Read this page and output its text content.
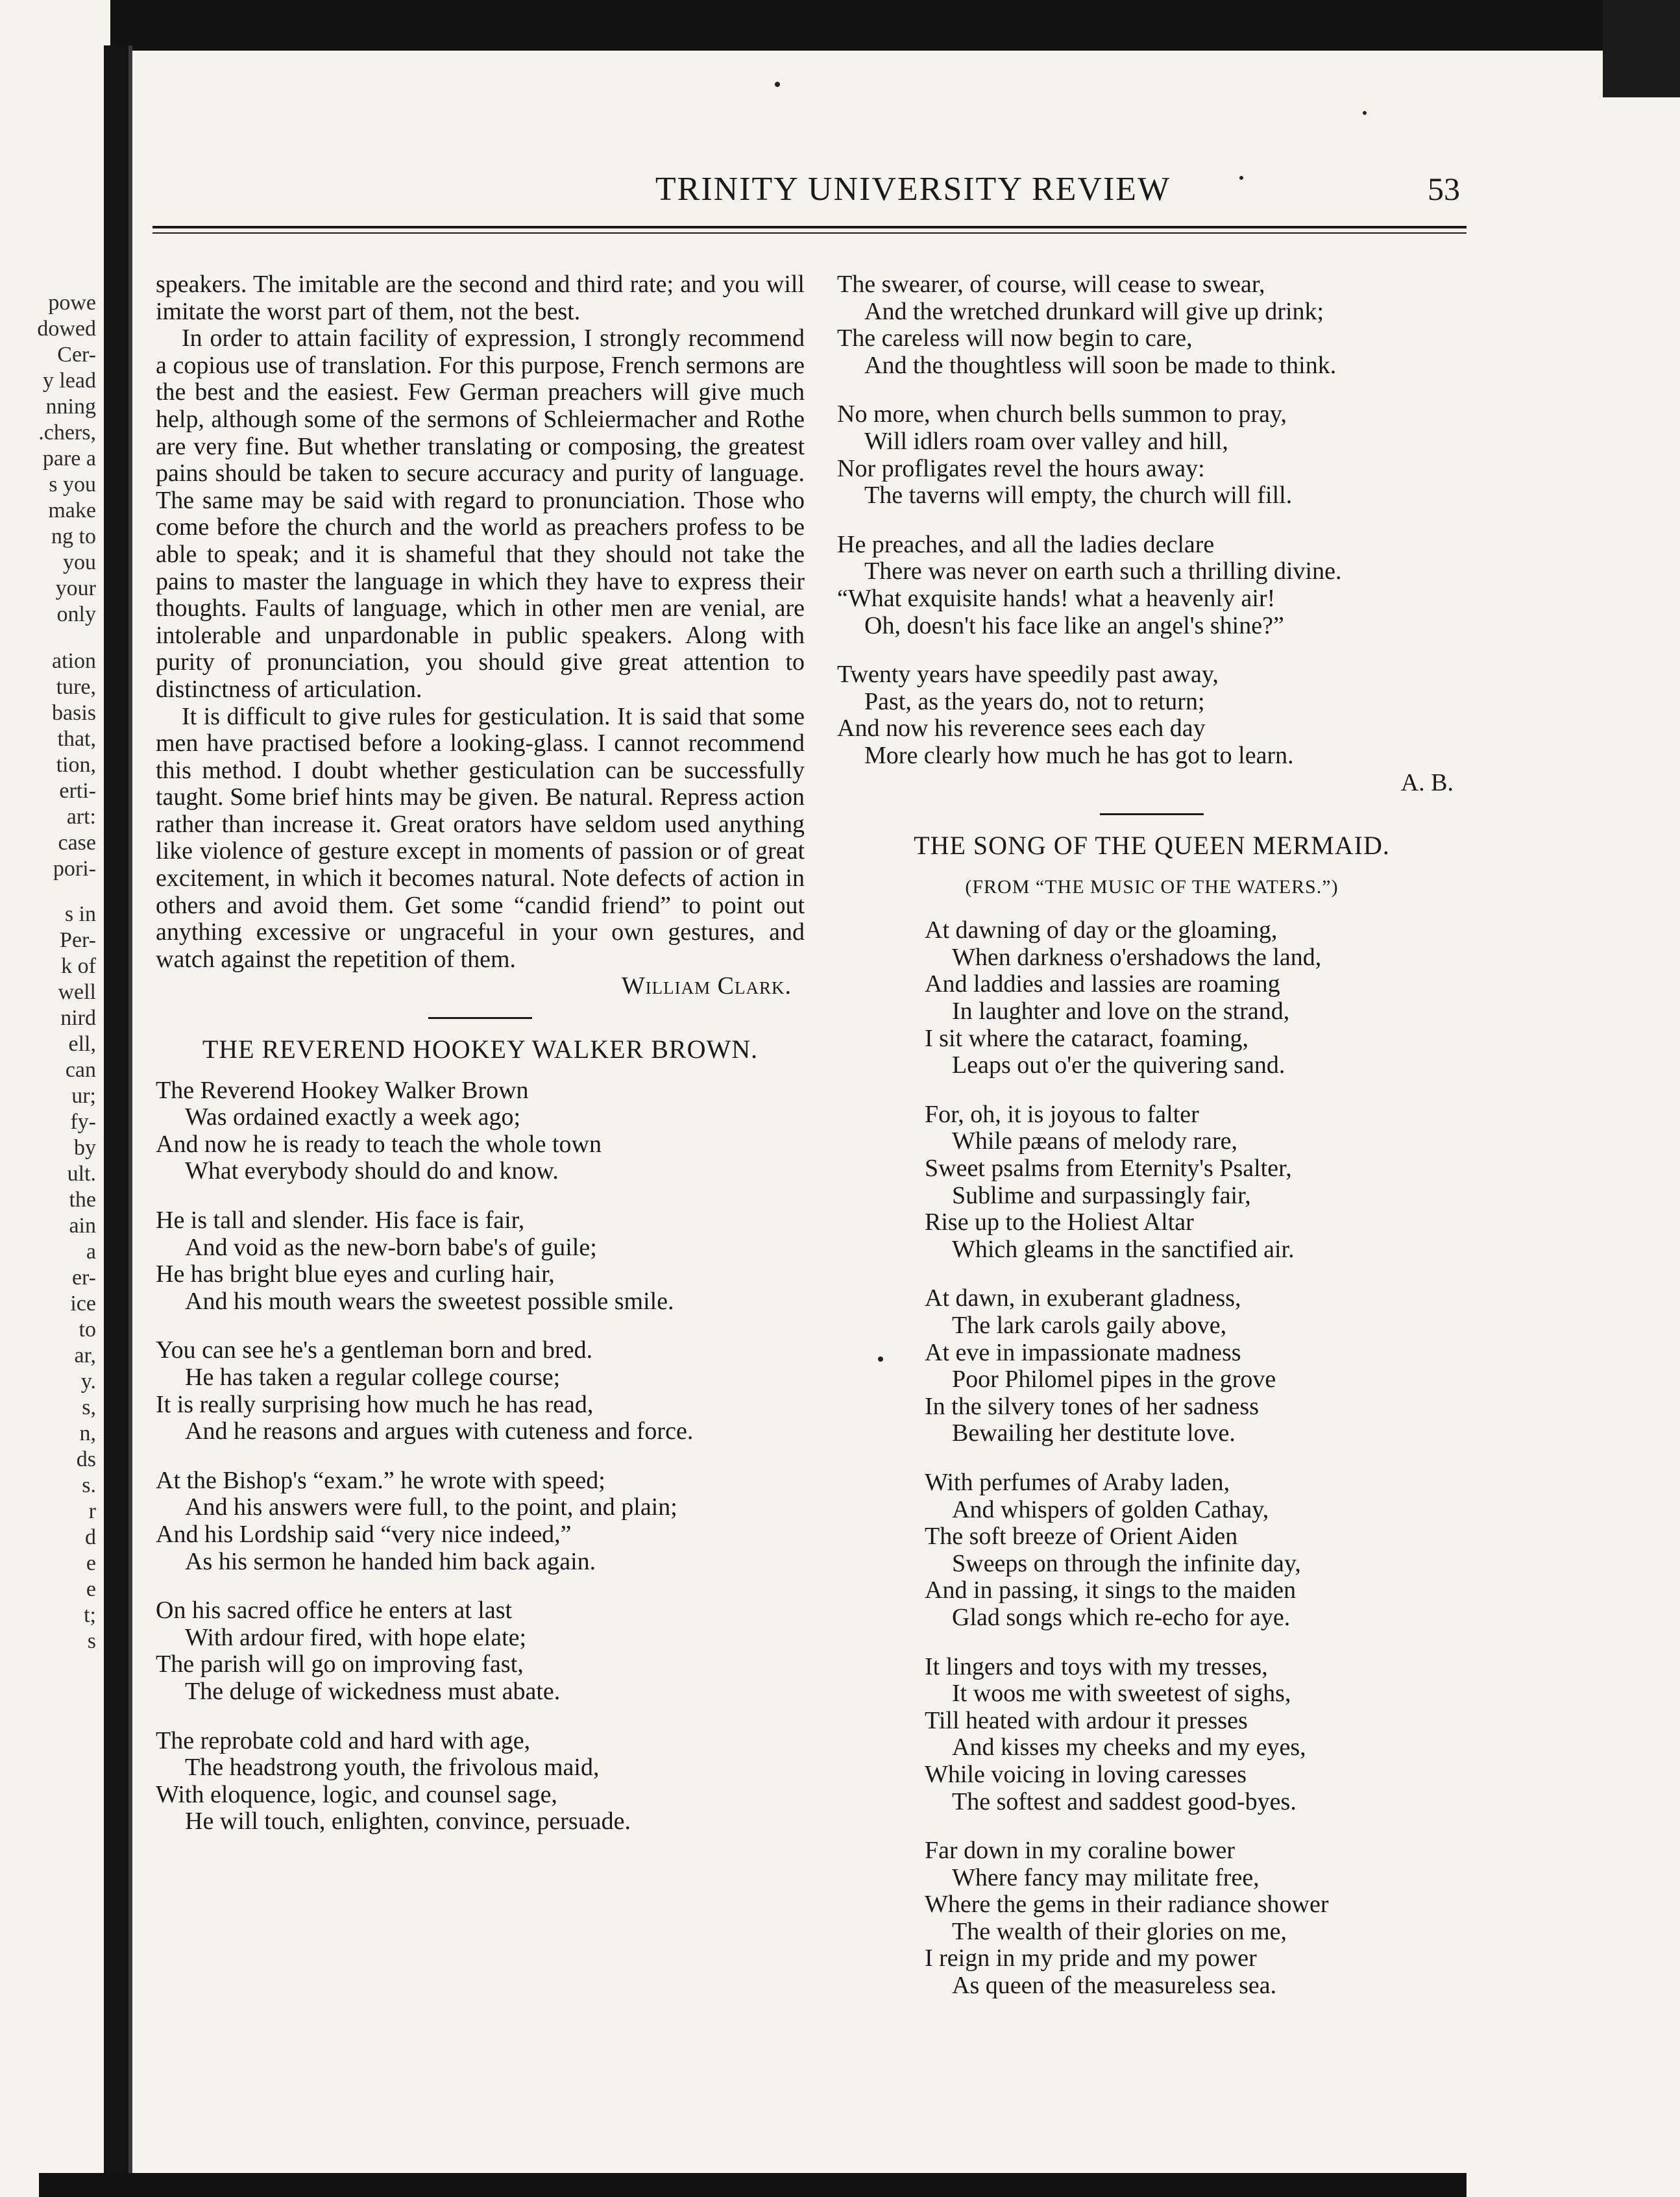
powe
dowed
Cer-
y lead
nning
.chers,
pare a
s you
make
ng to
you
your
only
ation
ture,
basis
that,
tion,
erti-
art:
case
pori-
s in
Per-
k of
well
nird
ell,
can
ur;
fy-
by
ult.
the
ain
a
er-
ice
to
ar,
y.
s,
n,
ds
s.
r
d
e
e
t;
s
TRINITY UNIVERSITY REVIEW	53

speakers. The imitable are the second and third rate; and you will imitate the worst part of them, not the best.

In order to attain facility of expression, I strongly recommend a copious use of translation. For this purpose, French sermons are the best and the easiest. Few German preachers will give much help, although some of the sermons of Schleiermacher and Rothe are very fine. But whether translating or composing, the greatest pains should be taken to secure accuracy and purity of language. The same may be said with regard to pronunciation. Those who come before the church and the world as preachers profess to be able to speak; and it is shameful that they should not take the pains to master the language in which they have to express their thoughts. Faults of language, which in other men are venial, are intolerable and unpardonable in public speakers. Along with purity of pronunciation, you should give great attention to distinctness of articulation.

It is difficult to give rules for gesticulation. It is said that some men have practised before a looking-glass. I cannot recommend this method. I doubt whether gesticulation can be successfully taught. Some brief hints may be given. Be natural. Repress action rather than increase it. Great orators have seldom used anything like violence of gesture except in moments of passion or of great excitement, in which it becomes natural. Note defects of action in others and avoid them. Get some “candid friend” to point out anything excessive or ungraceful in your own gestures, and watch against the repetition of them.

William Clark.

THE REVEREND HOOKEY WALKER BROWN.

The Reverend Hookey Walker Brown

Was ordained exactly a week ago;

And now he is ready to teach the whole town

What everybody should do and know.

He is tall and slender. His face is fair,

And void as the new-born babe's of guile;

He has bright blue eyes and curling hair,

And his mouth wears the sweetest possible smile.

You can see he's a gentleman born and bred.

He has taken a regular college course;

It is really surprising how much he has read,

And he reasons and argues with cuteness and force.

At the Bishop's “exam.” he wrote with speed;

And his answers were full, to the point, and plain;

And his Lordship said “very nice indeed,”

As his sermon he handed him back again.

On his sacred office he enters at last

With ardour fired, with hope elate;

The parish will go on improving fast,

The deluge of wickedness must abate.

The reprobate cold and hard with age,

The headstrong youth, the frivolous maid,

With eloquence, logic, and counsel sage,

He will touch, enlighten, convince, persuade.

The swearer, of course, will cease to swear,

And the wretched drunkard will give up drink;

The careless will now begin to care,

And the thoughtless will soon be made to think.

No more, when church bells summon to pray,

Will idlers roam over valley and hill,

Nor profligates revel the hours away:

The taverns will empty, the church will fill.

He preaches, and all the ladies declare

There was never on earth such a thrilling divine.

“What exquisite hands! what a heavenly air!

Oh, doesn't his face like an angel's shine?”

Twenty years have speedily past away,

Past, as the years do, not to return;

And now his reverence sees each day

More clearly how much he has got to learn.

A. B.

THE SONG OF THE QUEEN MERMAID.

(FROM “THE MUSIC OF THE WATERS.”)

At dawning of day or the gloaming,

When darkness o'ershadows the land,

And laddies and lassies are roaming

In laughter and love on the strand,

I sit where the cataract, foaming,

Leaps out o'er the quivering sand.

For, oh, it is joyous to falter

While pæans of melody rare,

Sweet psalms from Eternity's Psalter,

Sublime and surpassingly fair,

Rise up to the Holiest Altar

Which gleams in the sanctified air.

At dawn, in exuberant gladness,

The lark carols gaily above,

At eve in impassionate madness

Poor Philomel pipes in the grove

In the silvery tones of her sadness

Bewailing her destitute love.

With perfumes of Araby laden,

And whispers of golden Cathay,

The soft breeze of Orient Aiden

Sweeps on through the infinite day,

And in passing, it sings to the maiden

Glad songs which re-echo for aye.

It lingers and toys with my tresses,

It woos me with sweetest of sighs,

Till heated with ardour it presses

And kisses my cheeks and my eyes,

While voicing in loving caresses

The softest and saddest good-byes.

Far down in my coraline bower

Where fancy may militate free,

Where the gems in their radiance shower

The wealth of their glories on me,

I reign in my pride and my power

As queen of the measureless sea.
